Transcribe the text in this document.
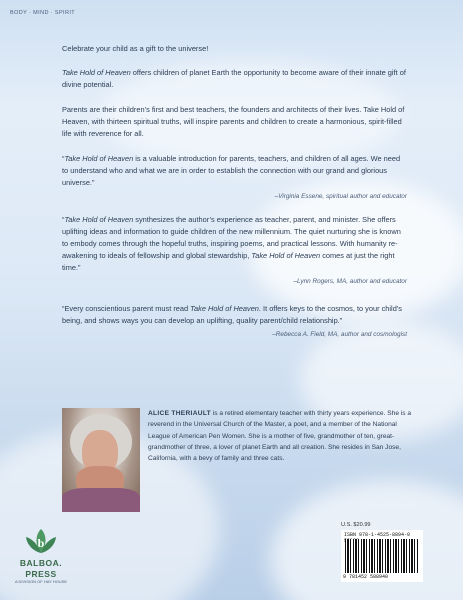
BODY · MIND · SPIRIT

Celebrate your child as a gift to the universe!

Take Hold of Heaven offers children of planet Earth the opportunity to become aware of their innate gift of divine potential.

Parents are their children’s first and best teachers, the founders and architects of their lives. Take Hold of Heaven, with thirteen spiritual truths, will inspire parents and children to create a harmonious, spirit-filled life with reverence for all.

“Take Hold of Heaven is a valuable introduction for parents, teachers, and children of all ages. We need to understand who and what we are in order to establish the connection with our grand and glorious universe.”

–Virginia Essene, spiritual author and educator

“Take Hold of Heaven synthesizes the author’s experience as teacher, parent, and minister. She offers uplifting ideas and information to guide children of the new millennium. The quiet nurturing she is known to embody comes through the hopeful truths, inspiring poems, and practical lessons. With humanity re-awakening to ideals of fellowship and global stewardship, Take Hold of Heaven comes at just the right time.”

–Lynn Rogers, MA, author and educator

“Every conscientious parent must read Take Hold of Heaven. It offers keys to the cosmos, to your child’s being, and shows ways you can develop an uplifting, quality parent/child relationship.”

–Rebecca A. Field, MA, author and cosmologist

ALICE THERIAULT is a retired elementary teacher with thirty years experience. She is a reverend in the Universal Church of the Master, a poet, and a member of the National League of American Pen Women. She is a mother of five, grandmother of ten, great-grandmother of three, a lover of planet Earth and all creation. She resides in San Jose, California, with a bevy of family and three cats.
b
BALBOA.
PRESS
A DIVISION OF HAY HOUSE
U.S. $20.99
ISBN 978-1-4525-8894-0
9 781452 588940
